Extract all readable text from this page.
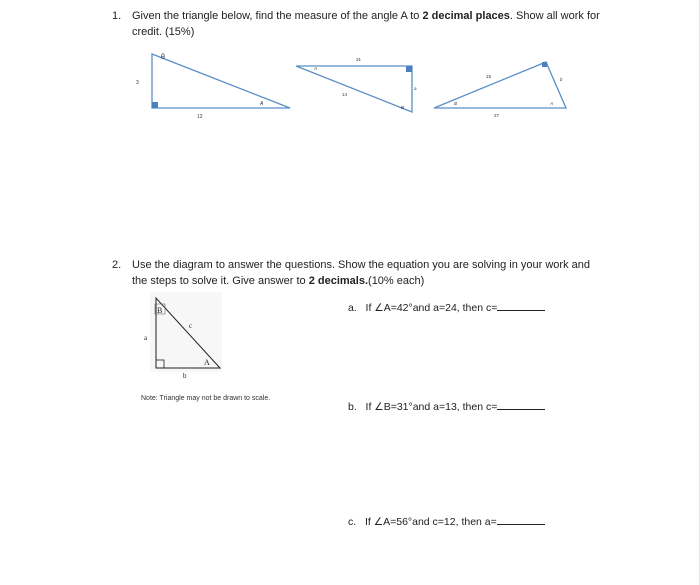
1. Given the triangle below, find the measure of the angle A to 2 decimal places. Show all work for
credit. (15%)
θ
3
12
A
31
A
14
a
B
15
b
B	A
27
2. Use the diagram to answer the questions. Show the equation you are solving in your work and
the steps to solve it. Give answer to 2 decimals.(10% each)
B
c
a
A
b
Note: Triangle may not be drawn to scale.
a. If ∠A=42°and a=24, then c=
b. If ∠B=31°and a=13, then c=
c. If ∠A=56°and c=12, then a=
